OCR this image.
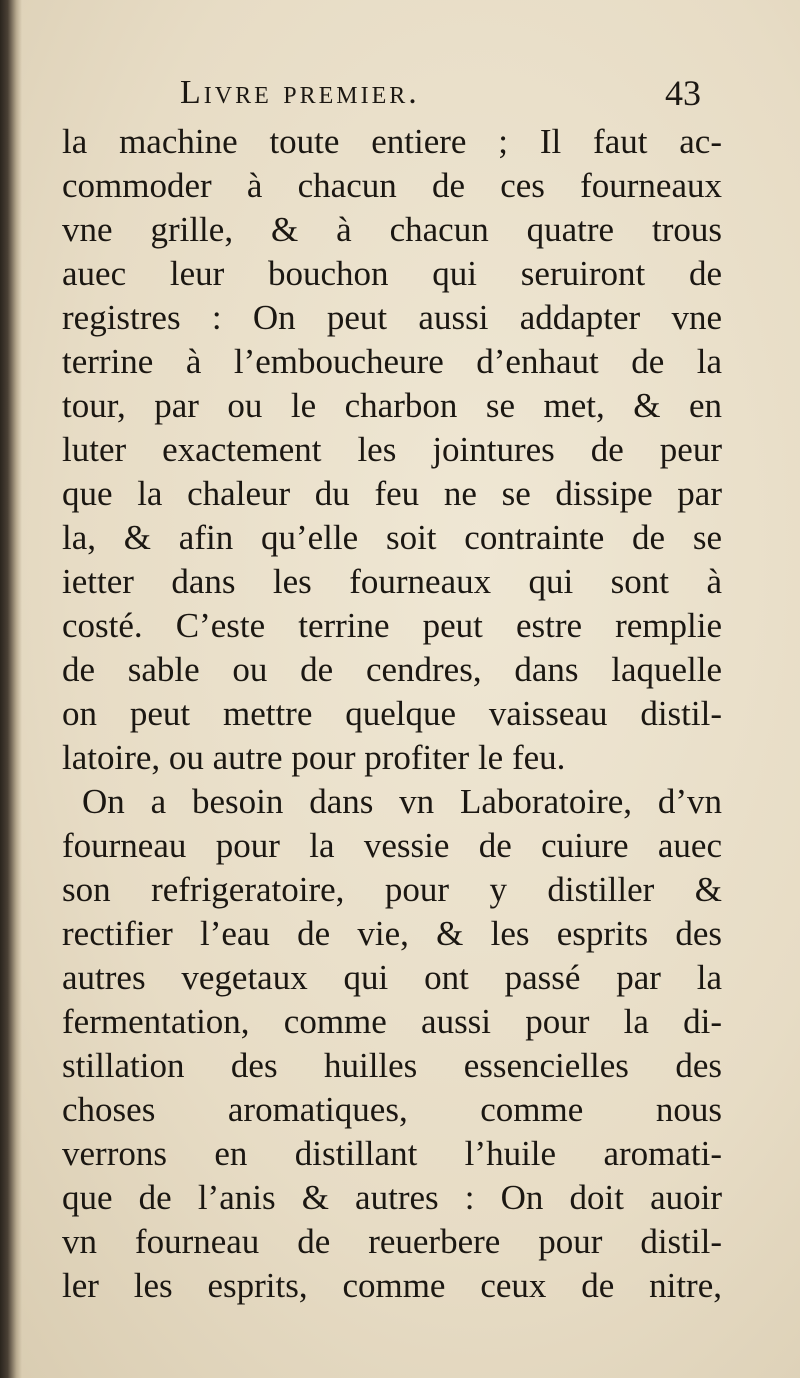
Livre premier.	43
la machine toute entiere ; Il faut ac-
commoder à chacun de ces fourneaux
vne grille, & à chacun quatre trous
auec leur bouchon qui seruiront de
registres : On peut aussi addapter vne
terrine à l’emboucheure d’enhaut de la
tour, par ou le charbon se met, & en
luter exactement les jointures de peur
que la chaleur du feu ne se dissipe par
la, & afin qu’elle soit contrainte de se
ietter dans les fourneaux qui sont à
costé. C’este terrine peut estre remplie
de sable ou de cendres, dans laquelle
on peut mettre quelque vaisseau distil-
latoire, ou autre pour profiter le feu.
On a besoin dans vn Laboratoire, d’vn
fourneau pour la vessie de cuiure auec
son refrigeratoire, pour y distiller &
rectifier l’eau de vie, & les esprits des
autres vegetaux qui ont passé par la
fermentation, comme aussi pour la di-
stillation des huilles essencielles des
choses aromatiques, comme nous
verrons en distillant l’huile aromati-
que de l’anis & autres : On doit auoir
vn fourneau de reuerbere pour distil-
ler les esprits, comme ceux de nitre,
